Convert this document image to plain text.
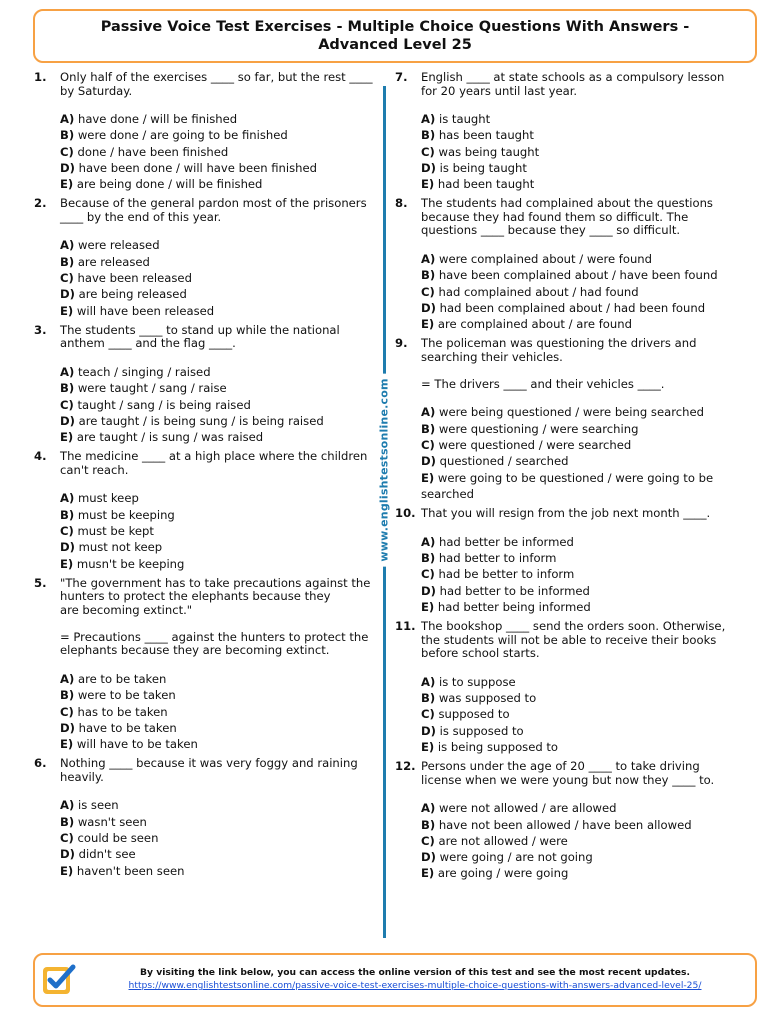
Passive Voice Test Exercises - Multiple Choice Questions With Answers -
Advanced Level 25
1. Only half of the exercises ____ so far, but the rest ____
by Saturday.
A) have done / will be finished
B) were done / are going to be finished
C) done / have been finished
D) have been done / will have been finished
E) are being done / will be finished
2. Because of the general pardon most of the prisoners
____ by the end of this year.
A) were released
B) are released
C) have been released
D) are being released
E) will have been released
3. The students ____ to stand up while the national
anthem ____ and the flag ____.
A) teach / singing / raised
B) were taught / sang / raise
C) taught / sang / is being raised
D) are taught / is being sung / is being raised
E) are taught / is sung / was raised
4. The medicine ____ at a high place where the children
can't reach.
A) must keep
B) must be keeping
C) must be kept
D) must not keep
E) musn't be keeping
5. "The government has to take precautions against the
hunters to protect the elephants because they
are becoming extinct."

= Precautions ____ against the hunters to protect the
elephants because they are becoming extinct.
A) are to be taken
B) were to be taken
C) has to be taken
D) have to be taken
E) will have to be taken
6. Nothing ____ because it was very foggy and raining
heavily.
A) is seen
B) wasn't seen
C) could be seen
D) didn't see
E) haven't been seen
www.englishtestsonline.com
7. English ____ at state schools as a compulsory lesson
for 20 years until last year.
A) is taught
B) has been taught
C) was being taught
D) is being taught
E) had been taught
8. The students had complained about the questions
because they had found them so difficult. The
questions ____ because they ____ so difficult.
A) were complained about / were found
B) have been complained about / have been found
C) had complained about / had found
D) had been complained about / had been found
E) are complained about / are found
9. The policeman was questioning the drivers and
searching their vehicles.

= The drivers ____ and their vehicles ____.
A) were being questioned / were being searched
B) were questioning / were searching
C) were questioned / were searched
D) questioned / searched
E) were going to be questioned / were going to be searched
10. That you will resign from the job next month ____.
A) had better be informed
B) had better to inform
C) had be better to inform
D) had better to be informed
E) had better being informed
11. The bookshop ____ send the orders soon. Otherwise,
the students will not be able to receive their books
before school starts.
A) is to suppose
B) was supposed to
C) supposed to
D) is supposed to
E) is being supposed to
12. Persons under the age of 20 ____ to take driving
license when we were young but now they ____ to.
A) were not allowed / are allowed
B) have not been allowed / have been allowed
C) are not allowed / were
D) were going / are not going
E) are going / were going
By visiting the link below, you can access the online version of this test and see the most recent updates.
https://www.englishtestsonline.com/passive-voice-test-exercises-multiple-choice-questions-with-answers-advanced-level-25/
